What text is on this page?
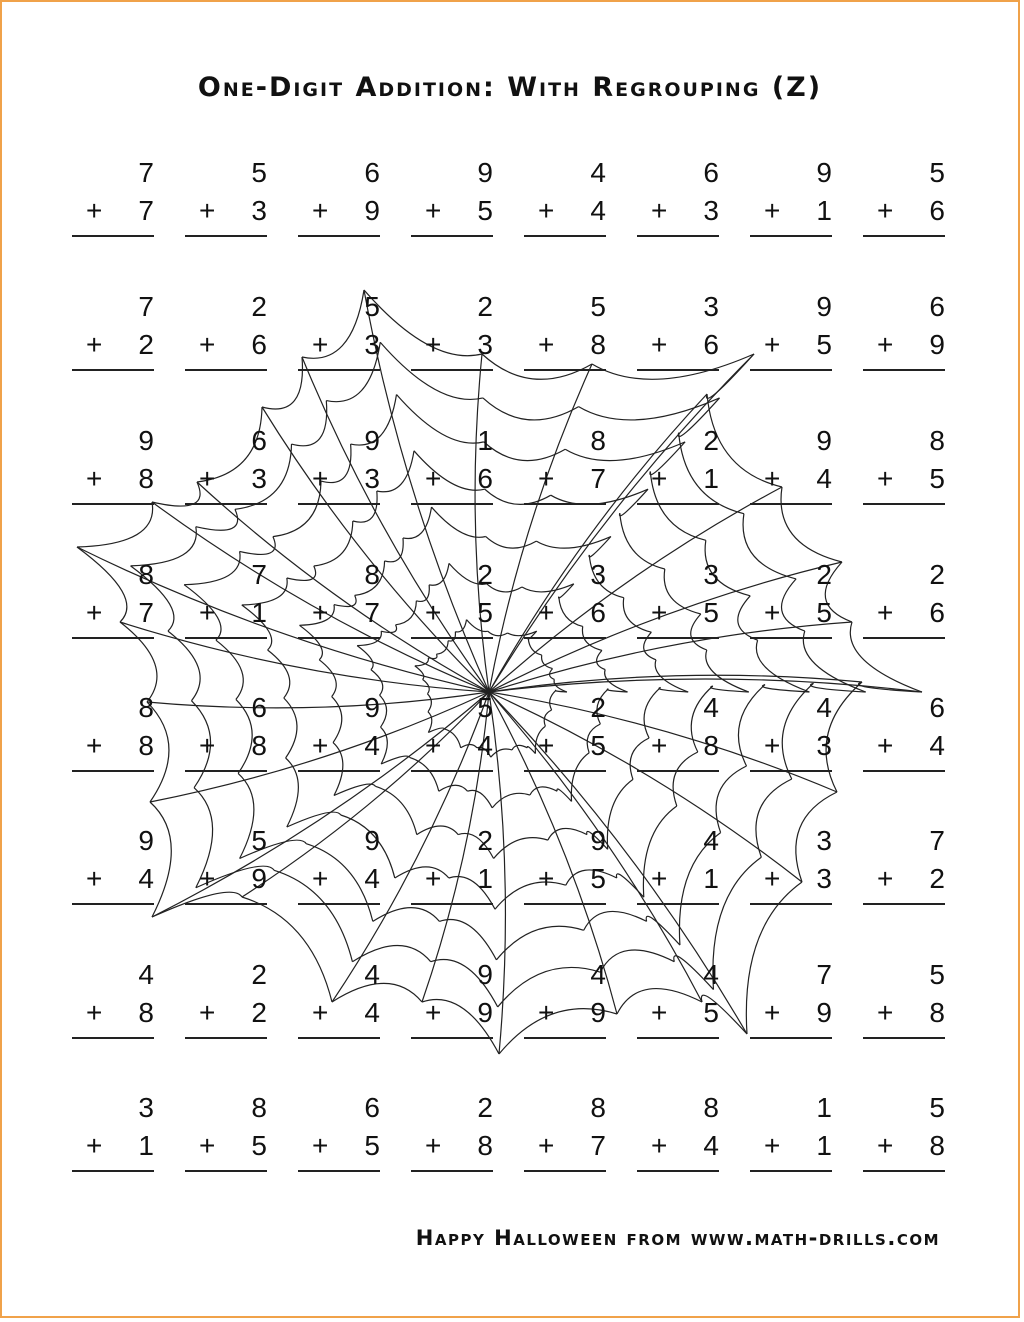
One-Digit Addition: With Regrouping (Z)
7
+ 7
5
+ 3
6
+ 9
9
+ 5
4
+ 4
6
+ 3
9
+ 1
5
+ 6
7
+ 2
2
+ 6
5
+ 3
2
+ 3
5
+ 8
3
+ 6
9
+ 5
6
+ 9
9
+ 8
6
+ 3
9
+ 3
1
+ 6
8
+ 7
2
+ 1
9
+ 4
8
+ 5
8
+ 7
7
+ 1
8
+ 7
2
+ 5
3
+ 6
3
+ 5
2
+ 5
2
+ 6
8
+ 8
6
+ 8
9
+ 4
5
+ 4
2
+ 5
4
+ 8
4
+ 3
6
+ 4
9
+ 4
5
+ 9
9
+ 4
2
+ 1
9
+ 5
4
+ 1
3
+ 3
7
+ 2
4
+ 8
2
+ 2
4
+ 4
9
+ 9
4
+ 9
4
+ 5
7
+ 9
5
+ 8
3
+ 1
8
+ 5
6
+ 5
2
+ 8
8
+ 7
8
+ 4
1
+ 1
5
+ 8
Happy Halloween from www.math-drills.com
